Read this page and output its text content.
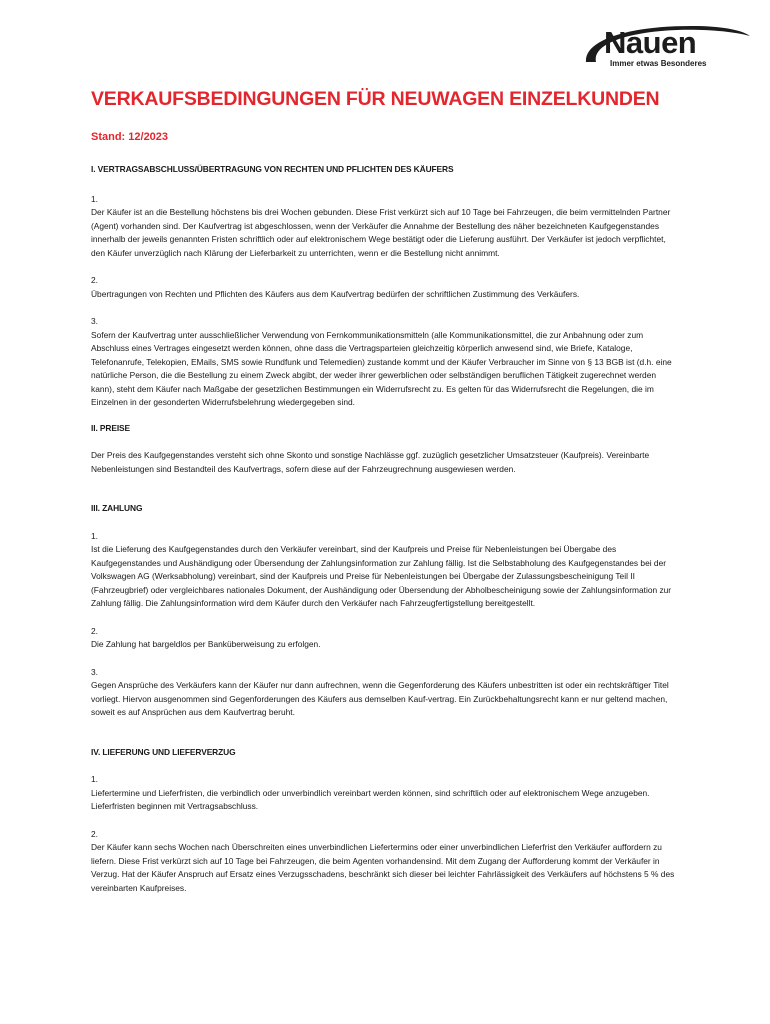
Nauen
Immer etwas Besonderes
VERKAUFSBEDINGUNGEN FÜR NEUWAGEN EINZELKUNDEN
Stand: 12/2023
I. VERTRAGSABSCHLUSS/ÜBERTRAGUNG VON RECHTEN UND PFLICHTEN DES KÄUFERS
1.

Der Käufer ist an die Bestellung höchstens bis drei Wochen gebunden. Diese Frist verkürzt sich auf 10 Tage bei Fahrzeugen, die beim vermittelnden Partner (Agent) vorhanden sind. Der Kaufvertrag ist abgeschlossen, wenn der Verkäufer die Annahme der Bestellung des näher bezeichneten Kaufgegenstandes innerhalb der jeweils genannten Fristen schriftlich oder auf elektronischem Wege bestätigt oder die Lieferung ausführt. Der Verkäufer ist jedoch verpflichtet, den Käufer unverzüglich nach Klärung der Lieferbarkeit zu unterrichten, wenn er die Bestellung nicht annimmt.

2.

Übertragungen von Rechten und Pflichten des Käufers aus dem Kaufvertrag bedürfen der schriftlichen Zustimmung des Verkäufers.

3.

Sofern der Kaufvertrag unter ausschließlicher Verwendung von Fernkommunikationsmitteln (alle Kommunikationsmittel, die zur Anbahnung oder zum Abschluss eines Vertrages eingesetzt werden können, ohne dass die Vertragsparteien gleichzeitig körperlich anwesend sind, wie Briefe, Kataloge, Telefonanrufe, Telekopien, EMails, SMS sowie Rundfunk und Telemedien) zustande kommt und der Käufer Verbraucher im Sinne von § 13 BGB ist (d.h. eine natürliche Person, die die Bestellung zu einem Zweck abgibt, der weder ihrer gewerblichen oder selbständigen beruflichen Tätigkeit zugerechnet werden kann), steht dem Käufer nach Maßgabe der gesetzlichen Bestimmungen ein Widerrufsrecht zu. Es gelten für das Widerrufsrecht die Regelungen, die im Einzelnen in der gesonderten Widerrufsbelehrung wiedergegeben sind.

II. PREISE

Der Preis des Kaufgegenstandes versteht sich ohne Skonto und sonstige Nachlässe ggf. zuzüglich gesetzlicher Umsatzsteuer (Kaufpreis). Vereinbarte Nebenleistungen sind Bestandteil des Kaufvertrags, sofern diese auf der Fahrzeugrechnung ausgewiesen werden.

III. ZAHLUNG
1.

Ist die Lieferung des Kaufgegenstandes durch den Verkäufer vereinbart, sind der Kaufpreis und Preise für Nebenleistungen bei Übergabe des Kaufgegenstandes und Aushändigung oder Übersendung der Zahlungsinformation zur Zahlung fällig. Ist die Selbstabholung des Kaufgegenstandes bei der Volkswagen AG (Werksabholung) vereinbart, sind der Kaufpreis und Preise für Nebenleistungen bei Übergabe der Zulassungsbescheinigung Teil II (Fahrzeugbrief) oder vergleichbares nationales Dokument, der Aushändigung oder Übersendung der Abholbescheinigung sowie der Zahlungsinformation zur Zahlung fällig. Die Zahlungsinformation wird dem Käufer durch den Verkäufer nach Fahrzeugfertigstellung bereitgestellt.

2.

Die Zahlung hat bargeldlos per Banküberweisung zu erfolgen.

3.

Gegen Ansprüche des Verkäufers kann der Käufer nur dann aufrechnen, wenn die Gegenforderung des Käufers unbestritten ist oder ein rechtskräftiger Titel vorliegt. Hiervon ausgenommen sind Gegenforderungen des Käufers aus demselben Kauf-vertrag. Ein Zurückbehaltungsrecht kann er nur geltend machen, soweit es auf Ansprüchen aus dem Kaufvertrag beruht.

IV. LIEFERUNG UND LIEFERVERZUG
1.

Liefertermine und Lieferfristen, die verbindlich oder unverbindlich vereinbart werden können, sind schriftlich oder auf elektronischem Wege anzugeben. Lieferfristen beginnen mit Vertragsabschluss.

2.

Der Käufer kann sechs Wochen nach Überschreiten eines unverbindlichen Liefertermins oder einer unverbindlichen Lieferfrist den Verkäufer auffordern zu liefern. Diese Frist verkürzt sich auf 10 Tage bei Fahrzeugen, die beim Agenten vorhandensind. Mit dem Zugang der Aufforderung kommt der Verkäufer in Verzug. Hat der Käufer Anspruch auf Ersatz eines Verzugsschadens, beschränkt sich dieser bei leichter Fahrlässigkeit des Verkäufers auf höchstens 5 % des vereinbarten Kaufpreises.
